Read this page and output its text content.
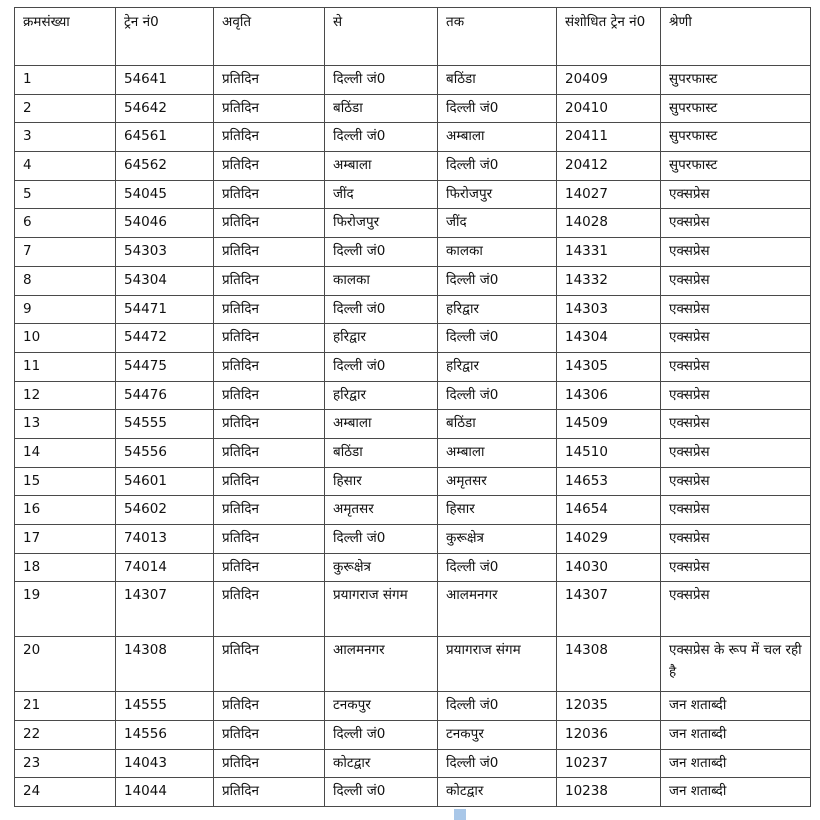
क्रमसंख्या	ट्रेन नं0	अवृति	से	तक	संशोधित ट्रेन नं0	श्रेणी
1	54641	प्रतिदिन	दिल्ली जं0	बठिंडा	20409	सुपरफास्ट
2	54642	प्रतिदिन	बठिंडा	दिल्ली जं0	20410	सुपरफास्ट
3	64561	प्रतिदिन	दिल्ली जं0	अम्बाला	20411	सुपरफास्ट
4	64562	प्रतिदिन	अम्बाला	दिल्ली जं0	20412	सुपरफास्ट
5	54045	प्रतिदिन	जींद	फिरोजपुर	14027	एक्सप्रेस
6	54046	प्रतिदिन	फिरोजपुर	जींद	14028	एक्सप्रेस
7	54303	प्रतिदिन	दिल्ली जं0	कालका	14331	एक्सप्रेस
8	54304	प्रतिदिन	कालका	दिल्ली जं0	14332	एक्सप्रेस
9	54471	प्रतिदिन	दिल्ली जं0	हरिद्वार	14303	एक्सप्रेस
10	54472	प्रतिदिन	हरिद्वार	दिल्ली जं0	14304	एक्सप्रेस
11	54475	प्रतिदिन	दिल्ली जं0	हरिद्वार	14305	एक्सप्रेस
12	54476	प्रतिदिन	हरिद्वार	दिल्ली जं0	14306	एक्सप्रेस
13	54555	प्रतिदिन	अम्बाला	बठिंडा	14509	एक्सप्रेस
14	54556	प्रतिदिन	बठिंडा	अम्बाला	14510	एक्सप्रेस
15	54601	प्रतिदिन	हिसार	अमृतसर	14653	एक्सप्रेस
16	54602	प्रतिदिन	अमृतसर	हिसार	14654	एक्सप्रेस
17	74013	प्रतिदिन	दिल्ली जं0	कुरूक्षेत्र	14029	एक्सप्रेस
18	74014	प्रतिदिन	कुरूक्षेत्र	दिल्ली जं0	14030	एक्सप्रेस
19	14307	प्रतिदिन	प्रयागराज संगम	आलमनगर	14307	एक्सप्रेस
20	14308	प्रतिदिन	आलमनगर	प्रयागराज संगम	14308	एक्सप्रेस के रूप में चल रही है
21	14555	प्रतिदिन	टनकपुर	दिल्ली जं0	12035	जन शताब्दी
22	14556	प्रतिदिन	दिल्ली जं0	टनकपुर	12036	जन शताब्दी
23	14043	प्रतिदिन	कोटद्वार	दिल्ली जं0	10237	जन शताब्दी
24	14044	प्रतिदिन	दिल्ली जं0	कोटद्वार	10238	जन शताब्दी
